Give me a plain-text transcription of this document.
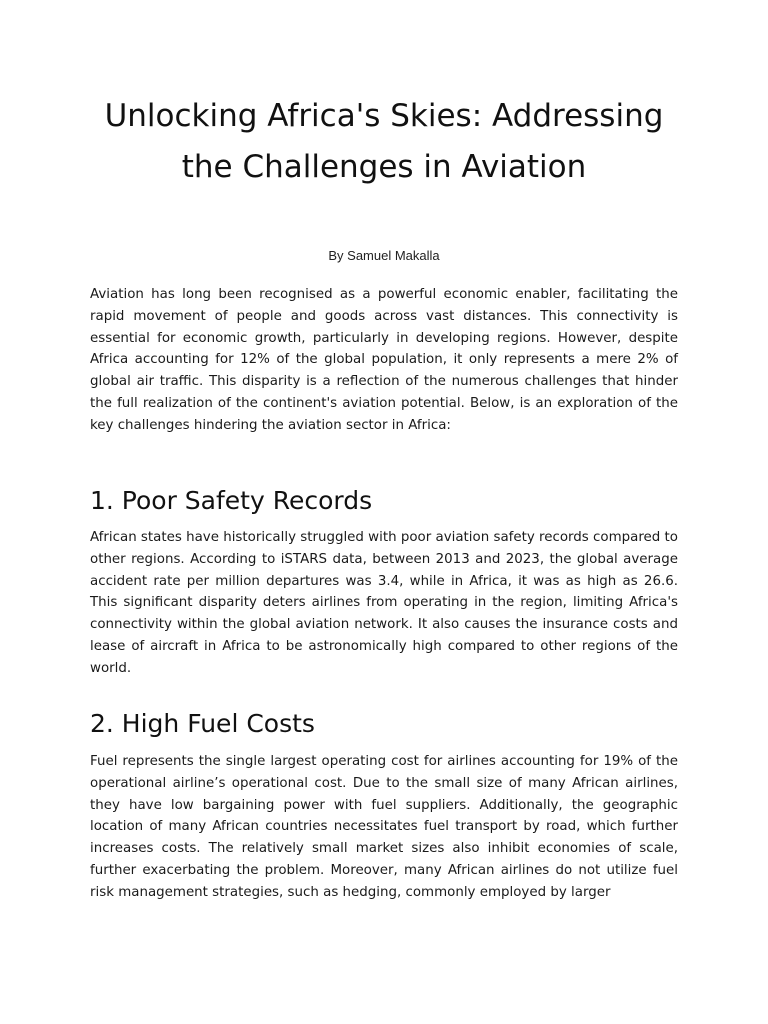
Unlocking Africa's Skies: Addressing the Challenges in Aviation

By Samuel Makalla

Aviation has long been recognised as a powerful economic enabler, facilitating the rapid movement of people and goods across vast distances. This connectivity is essential for economic growth, particularly in developing regions. However, despite Africa accounting for 12% of the global population, it only represents a mere 2% of global air traffic. This disparity is a reflection of the numerous challenges that hinder the full realization of the continent's aviation potential. Below, is an exploration of the key challenges hindering the aviation sector in Africa:

1. Poor Safety Records

African states have historically struggled with poor aviation safety records compared to other regions. According to iSTARS data, between 2013 and 2023, the global average accident rate per million departures was 3.4, while in Africa, it was as high as 26.6. This significant disparity deters airlines from operating in the region, limiting Africa's connectivity within the global aviation network. It also causes the insurance costs and lease of aircraft in Africa to be astronomically high compared to other regions of the world.

2. High Fuel Costs

Fuel represents the single largest operating cost for airlines accounting for 19% of the operational airline’s operational cost. Due to the small size of many African airlines, they have low bargaining power with fuel suppliers. Additionally, the geographic location of many African countries necessitates fuel transport by road, which further increases costs. The relatively small market sizes also inhibit economies of scale, further exacerbating the problem. Moreover, many African airlines do not utilize fuel risk management strategies, such as hedging, commonly employed by larger
